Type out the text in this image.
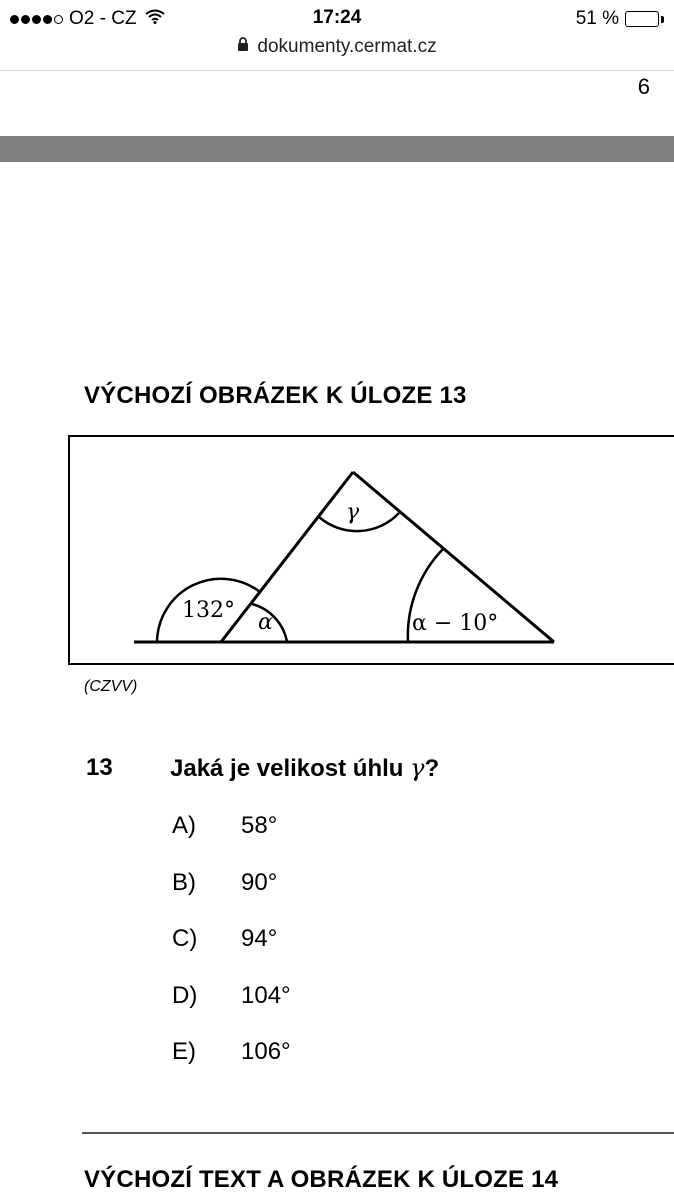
O2 - CZ	17:24	51 %
dokumenty.cermat.cz
6
VÝCHOZÍ OBRÁZEK K ÚLOZE 13
132° α
γ
α − 10°
(CZVV)
13 Jaká je velikost úhlu γ?
A) 58°
B) 90°
C) 94°
D) 104°
E) 106°
VÝCHOZÍ TEXT A OBRÁZEK K ÚLOZE 14
